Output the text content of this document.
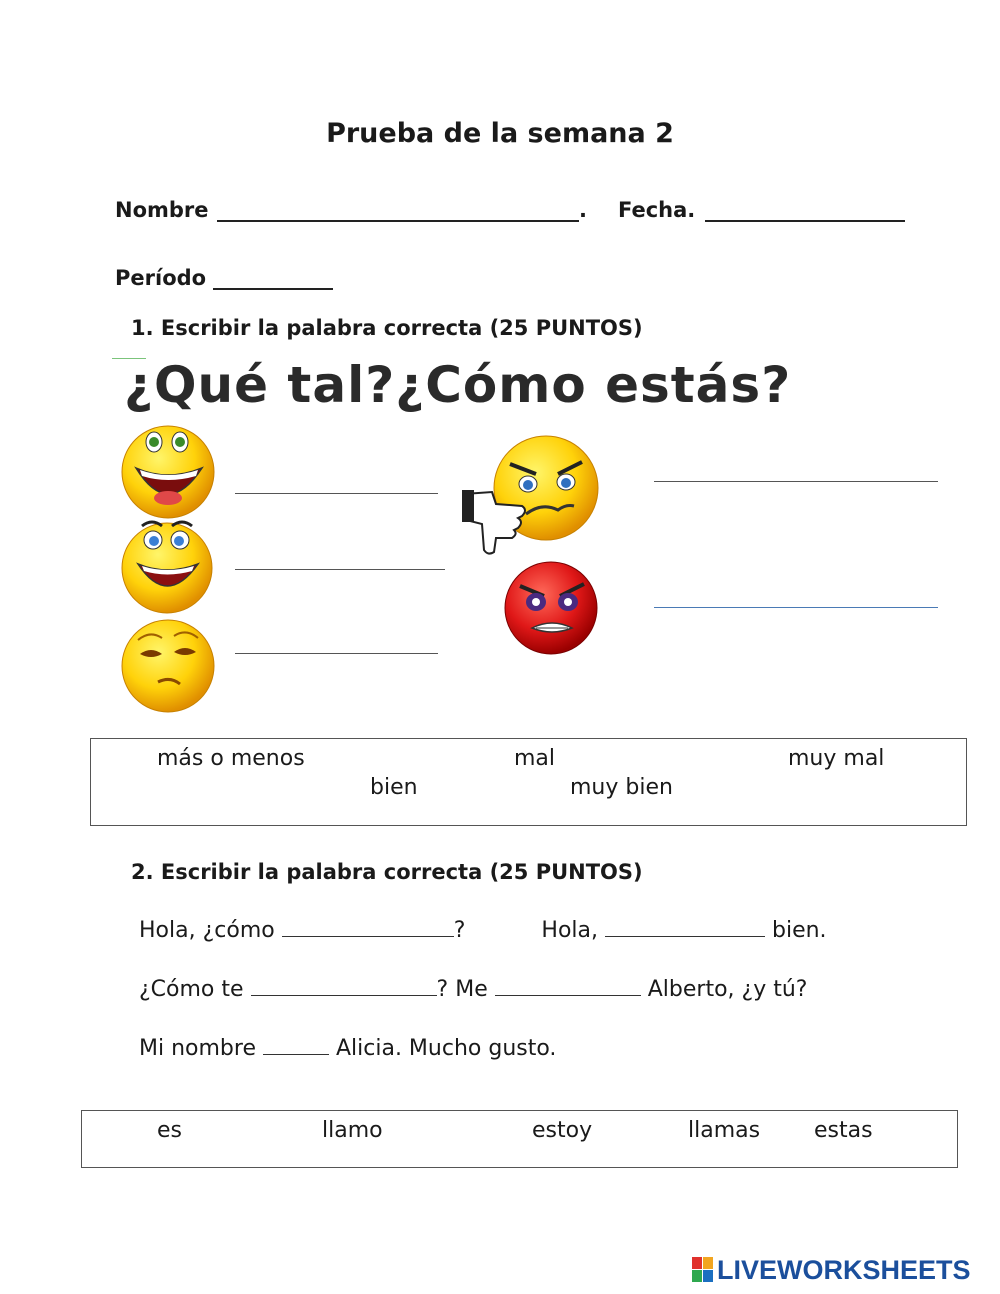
Prueba de la semana 2
Nombre	. Fecha.
Período
1. Escribir la palabra correcta (25 PUNTOS)
¿Qué tal?¿Cómo estás?
más o menos	mal	muy mal
bien	muy bien
2. Escribir la palabra correcta (25 PUNTOS)
Hola, ¿cómo	?	Hola,	bien.
¿Cómo te	? Me	Alberto, ¿y tú?
Mi nombre	Alicia. Mucho gusto.
es	llamo	estoy	llamas estas
LIVEWORKSHEETS
